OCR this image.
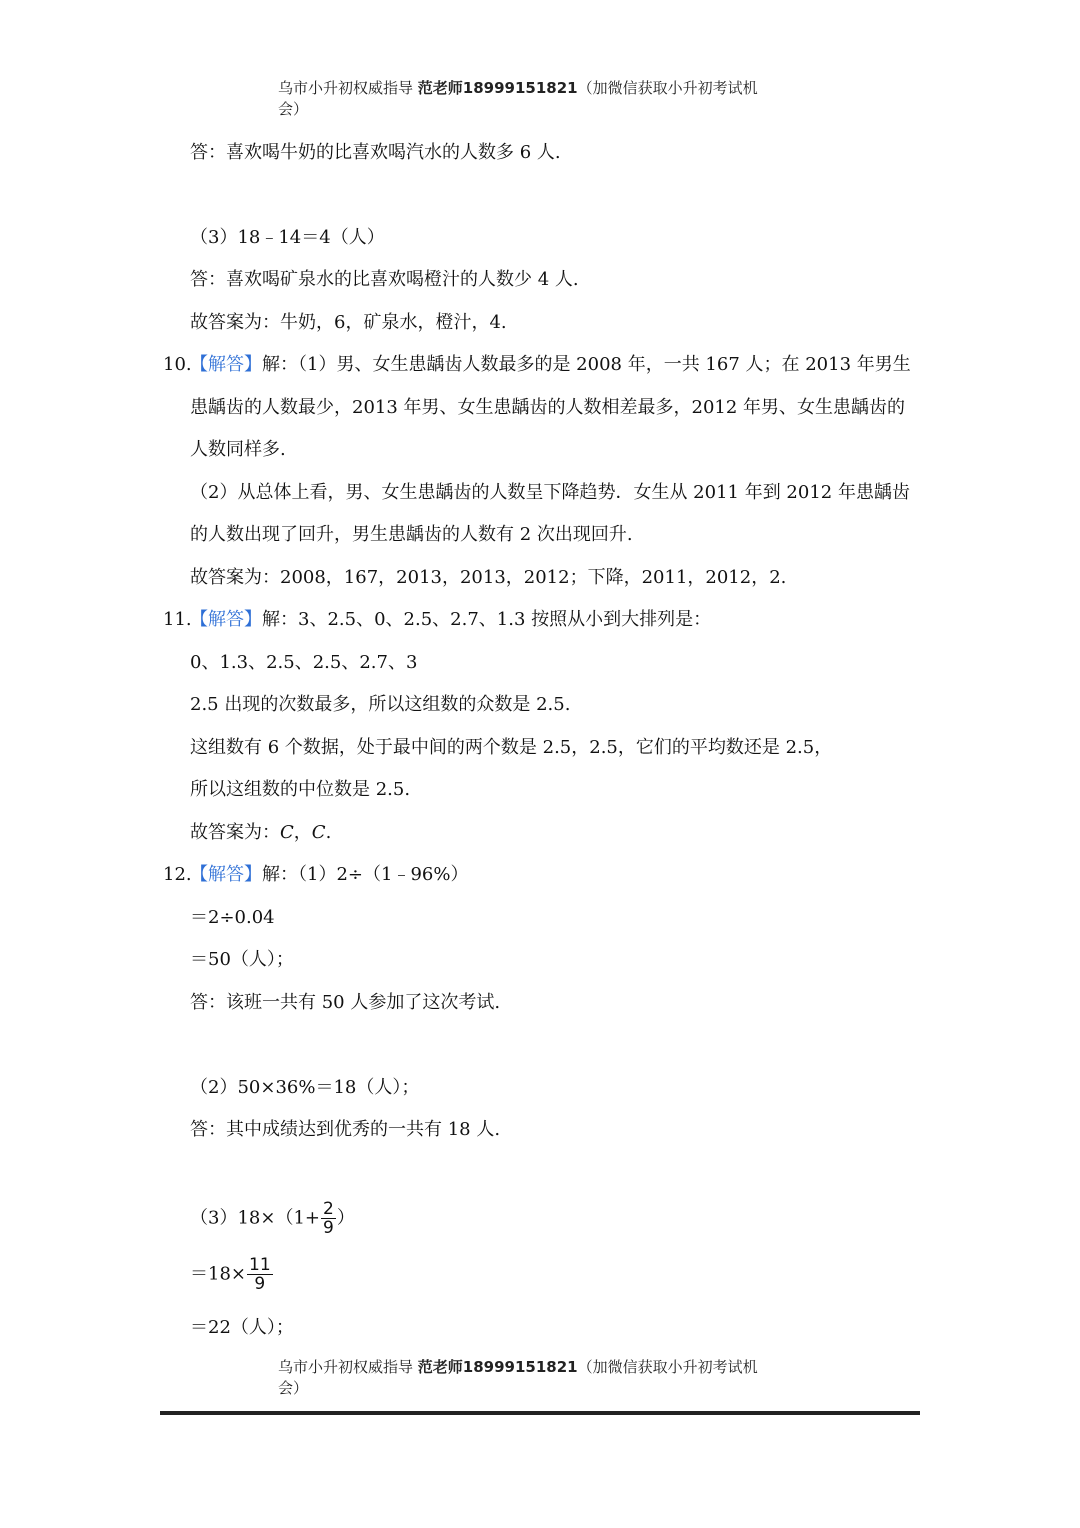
乌市小升初权威指导 范老师18999151821（加微信获取小升初考试机
会）
答：喜欢喝牛奶的比喜欢喝汽水的人数多 6 人.
（3）18﹣14＝4（人）
答：喜欢喝矿泉水的比喜欢喝橙汁的人数少 4 人.
故答案为：牛奶，6，矿泉水，橙汁，4.
10.
【解答】解：（1）男、女生患龋齿人数最多的是 2008 年，一共 167 人；在 2013 年男生
患龋齿的人数最少，2013 年男、女生患龋齿的人数相差最多，2012 年男、女生患龋齿的
人数同样多.
（2）从总体上看，男、女生患龋齿的人数呈下降趋势．女生从 2011 年到 2012 年患龋齿
的人数出现了回升，男生患龋齿的人数有 2 次出现回升.
故答案为：2008，167，2013，2013，2012；下降，2011，2012，2.
11.
【解答】解：3、2.5、0、2.5、2.7、1.3 按照从小到大排列是：
0、1.3、2.5、2.5、2.7、3
2.5 出现的次数最多，所以这组数的众数是 2.5.
这组数有 6 个数据，处于最中间的两个数是 2.5，2.5，它们的平均数还是 2.5，
所以这组数的中位数是 2.5.
故答案为：C，C.
12.
【解答】解：（1）2÷（1﹣96%）
＝2÷0.04
＝50（人）；
答：该班一共有 50 人参加了这次考试.
（2）50×36%＝18（人）；
答：其中成绩达到优秀的一共有 18 人.
$(3)18\times(1+ \frac{2}{9}$ ）
$=18\times \frac{11}{9}$
＝22（人）；
乌市小升初权威指导 范老师18999151821（加微信获取小升初考试机
会）
